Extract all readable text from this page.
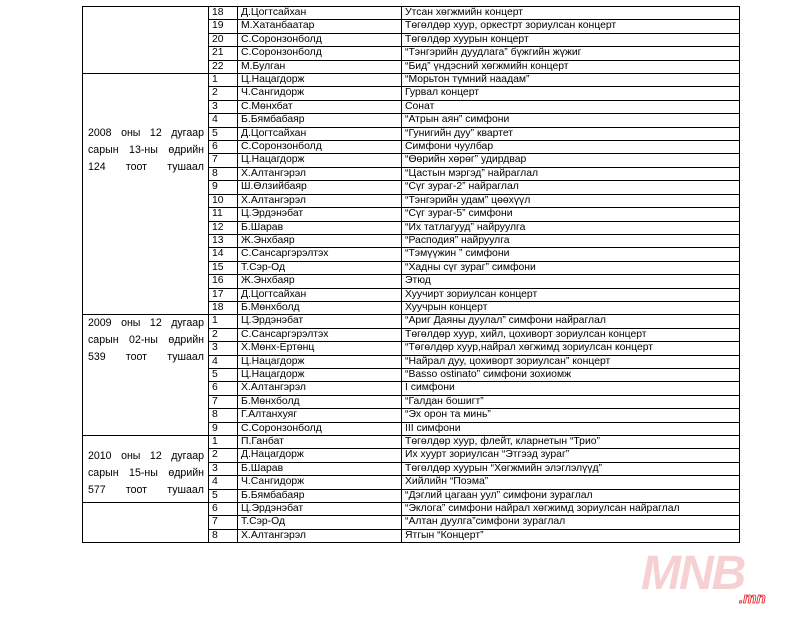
	18	Д.Цогтсайхан	Утсан хөгжмийн концерт
	19	М.Хатанбаатар	Төгөлдөр хуур, оркестрт зориулсан концерт
	20	С.Соронзонболд	Төгөлдөр хуурын концерт
	21	С.Соронзонболд	“Тэнгэрийн дуудлага” бүжгийн жүжиг
	22	М.Булган	“Бид” үндэсний хөгжмийн концерт

2008 оны 12 дугаар
сарын 13-ны өдрийн
124 тоот тушаал	1	Ц.Нацагдорж	“Морьтон түмний наадам”
	2	Ч.Сангидорж	Гурвал концерт
	3	С.Мөнхбат	Сонат
	4	Б.Бямбабаяр	“Атрын аян” симфони
	5	Д.Цогтсайхан	“Гунигийн дуу” квартет
	6	С.Соронзонболд	Симфони чуулбар
	7	Ц.Нацагдорж	“Өөрийн хөрөг” удирдвар
	8	Х.Алтангэрэл	“Цастын мэргэд” найраглал
	9	Ш.Өлзийбаяр	“Сүг зураг-2” найраглал
	10	Х.Алтангэрэл	“Тэнгэрийн удам” цөөхүүл
	11	Ц.Эрдэнэбат	“Сүг зураг-5” симфони
	12	Б.Шарав	“Их татлагууд” найруулга
	13	Ж.Энхбаяр	“Расподия” найруулга
	14	С.Сансаргэрэлтэх	“Тэмүүжин ” симфони
	15	Т.Сэр-Од	“Хадны сүг зураг” симфони
	16	Ж.Энхбаяр	Этюд
	17	Д.Цогтсайхан	Хуучирт зориулсан концерт
	18	Б.Мөнхболд	Хуучрын концерт

2009 оны 12 дугаар
сарын 02-ны өдрийн
539 тоот тушаал	1	Ц.Эрдэнэбат	“Ариг Даяны дуулал” симфони найраглал
	2	С.Сансаргэрэлтэх	Төгөлдөр хуур, хийл, цохиворт зориулсан концерт
	3	Х.Мөнх-Ертөнц	“Төгөлдөр хуур,найрал хөгжимд зориулсан концерт
	4	Ц.Нацагдорж	“Найрал дуу, цохиворт зориулсан” концерт
	5	Ц.Нацагдорж	“Basso ostinato” симфони зохиомж
	6	Х.Алтангэрэл	I симфони
	7	Б.Мөнхболд	“Галдан бошигт”
	8	Г.Алтанхуяг	“Эх орон та минь”
	9	С.Соронзонболд	III симфони

2010 оны 12 дугаар
сарын 15-ны өдрийн
577 тоот тушаал	1	П.Ганбат	Төгөлдөр хуур, флейт, кларнетын “Трио”
	2	Д.Нацагдорж	Их хуурт зориулсан “Этгээд зураг”
	3	Б.Шарав	Төгөлдөр хуурын “Хөгжмийн элэглэлүүд”
	4	Ч.Сангидорж	Хийлийн “Поэма”
	5	Б.Бямбабаяр	“Дэглий цагаан уул” симфони зураглал
	6	Ц.Эрдэнэбат	“Эклога” симфони найрал хөгжимд зориулсан найраглал
	7	Т.Сэр-Од	“Алтан дуулга”симфони зураглал
	8	Х.Алтангэрэл	Ятгын “Концерт”
MNB
.mn
